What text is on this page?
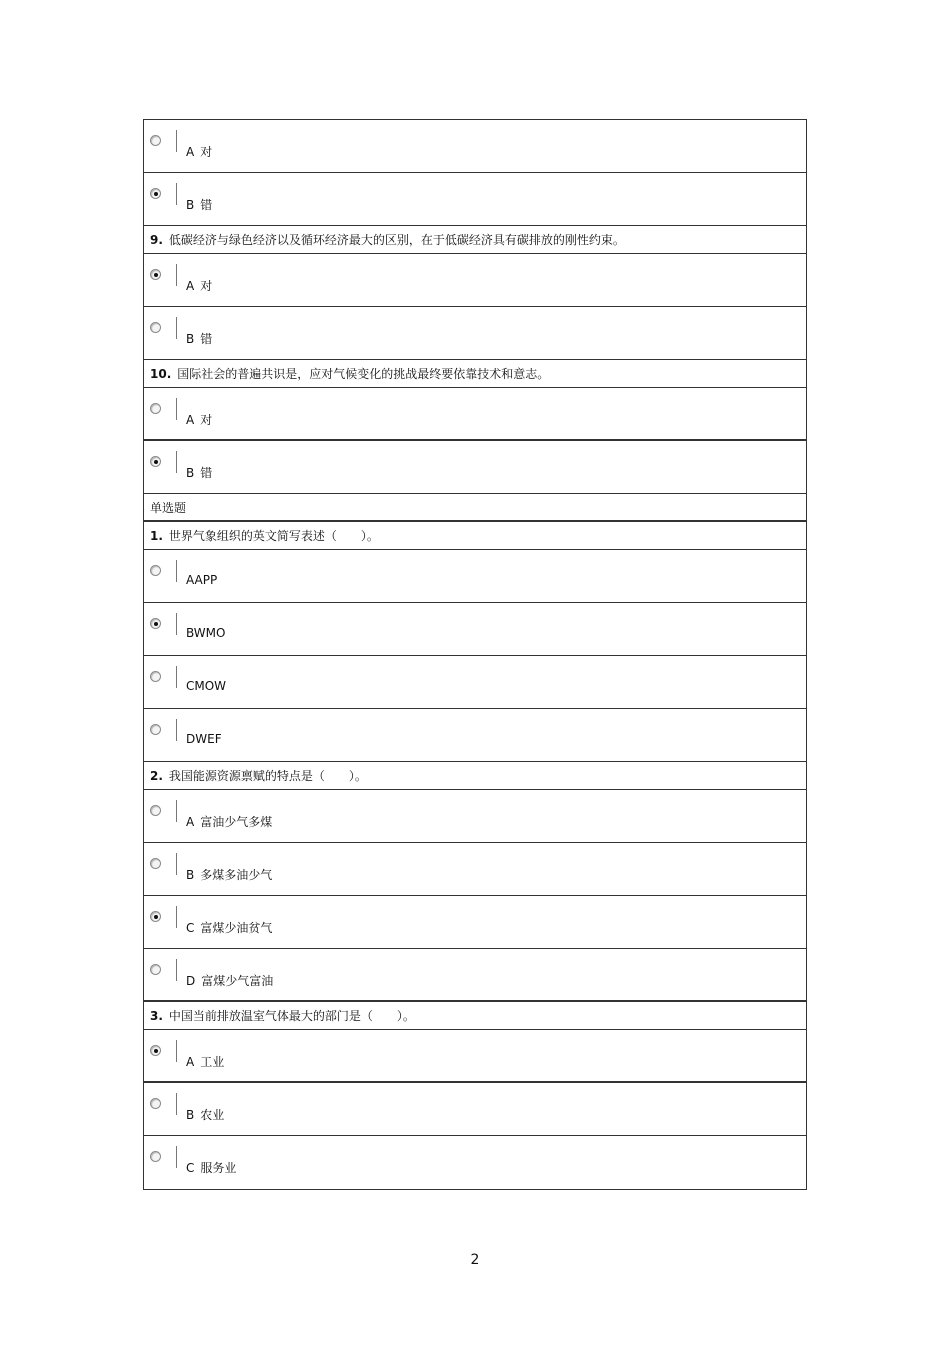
A 对
B 错
9. 低碳经济与绿色经济以及循环经济最大的区别，在于低碳经济具有碳排放的刚性约束。
A 对
B 错
10. 国际社会的普遍共识是，应对气候变化的挑战最终要依靠技术和意志。
A 对
B 错
单选题
1. 世界气象组织的英文简写表述（　　）。
AAPP
BWMO
CMOW
DWEF
2. 我国能源资源禀赋的特点是（　　）。
A 富油少气多煤
B 多煤多油少气
C 富煤少油贫气
D 富煤少气富油
3. 中国当前排放温室气体最大的部门是（　　）。
A 工业
B 农业
C 服务业
2
